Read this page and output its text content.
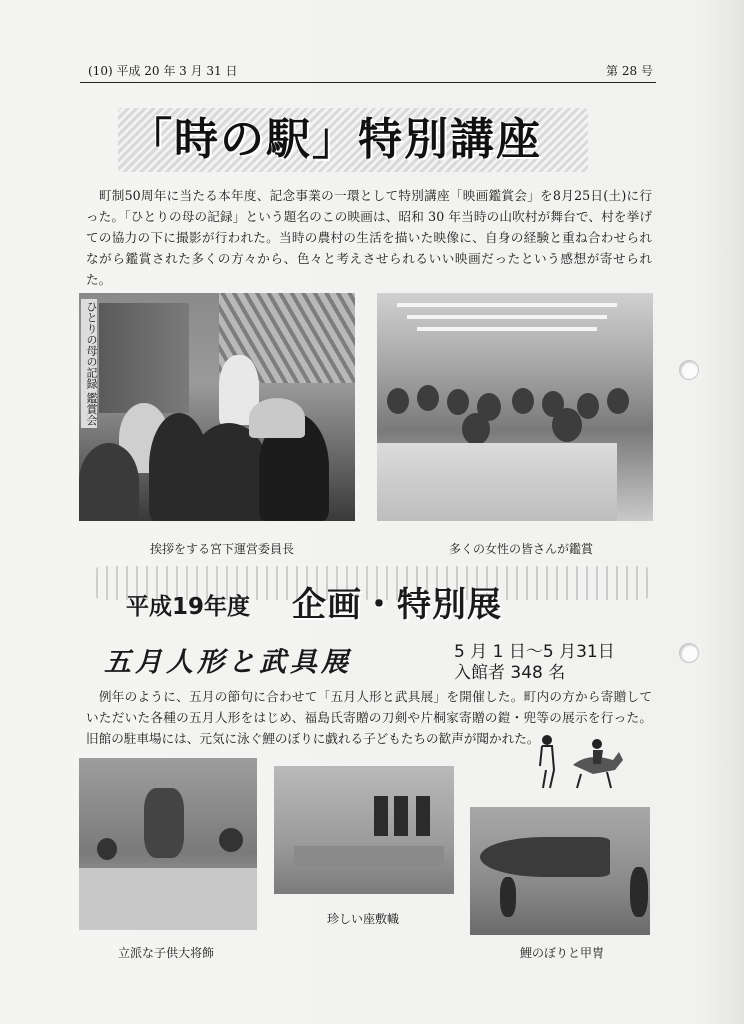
(10) 平成 20 年 3 月 31 日	第 28 号
「時の駅」特別講座
　町制50周年に当たる本年度、記念事業の一環として特別講座「映画鑑賞会」を8月25日(土)に行った。「ひとりの母の記録」という題名のこの映画は、昭和 30 年当時の山吹村が舞台で、村を挙げての協力の下に撮影が行われた。当時の農村の生活を描いた映像に、自身の経験と重ね合わせられながら鑑賞された多くの方々から、色々と考えさせられるいい映画だったという感想が寄せられた。
ひとりの母の記録 鑑賞会
挨拶をする宮下運営委員長	多くの女性の皆さんが鑑賞
平成19年度 企画・特別展
五月人形と武具展	5 月 1 日～5 月31日
入館者 348 名
　例年のように、五月の節句に合わせて「五月人形と武具展」を開催した。町内の方から寄贈していただいた各種の五月人形をはじめ、福島氏寄贈の刀剣や片桐家寄贈の鎧・兜等の展示を行った。旧館の駐車場には、元気に泳ぐ鯉のぼりに戯れる子どもたちの歓声が聞かれた。
立派な子供大将飾
珍しい座敷幟
鯉のぼりと甲冑
